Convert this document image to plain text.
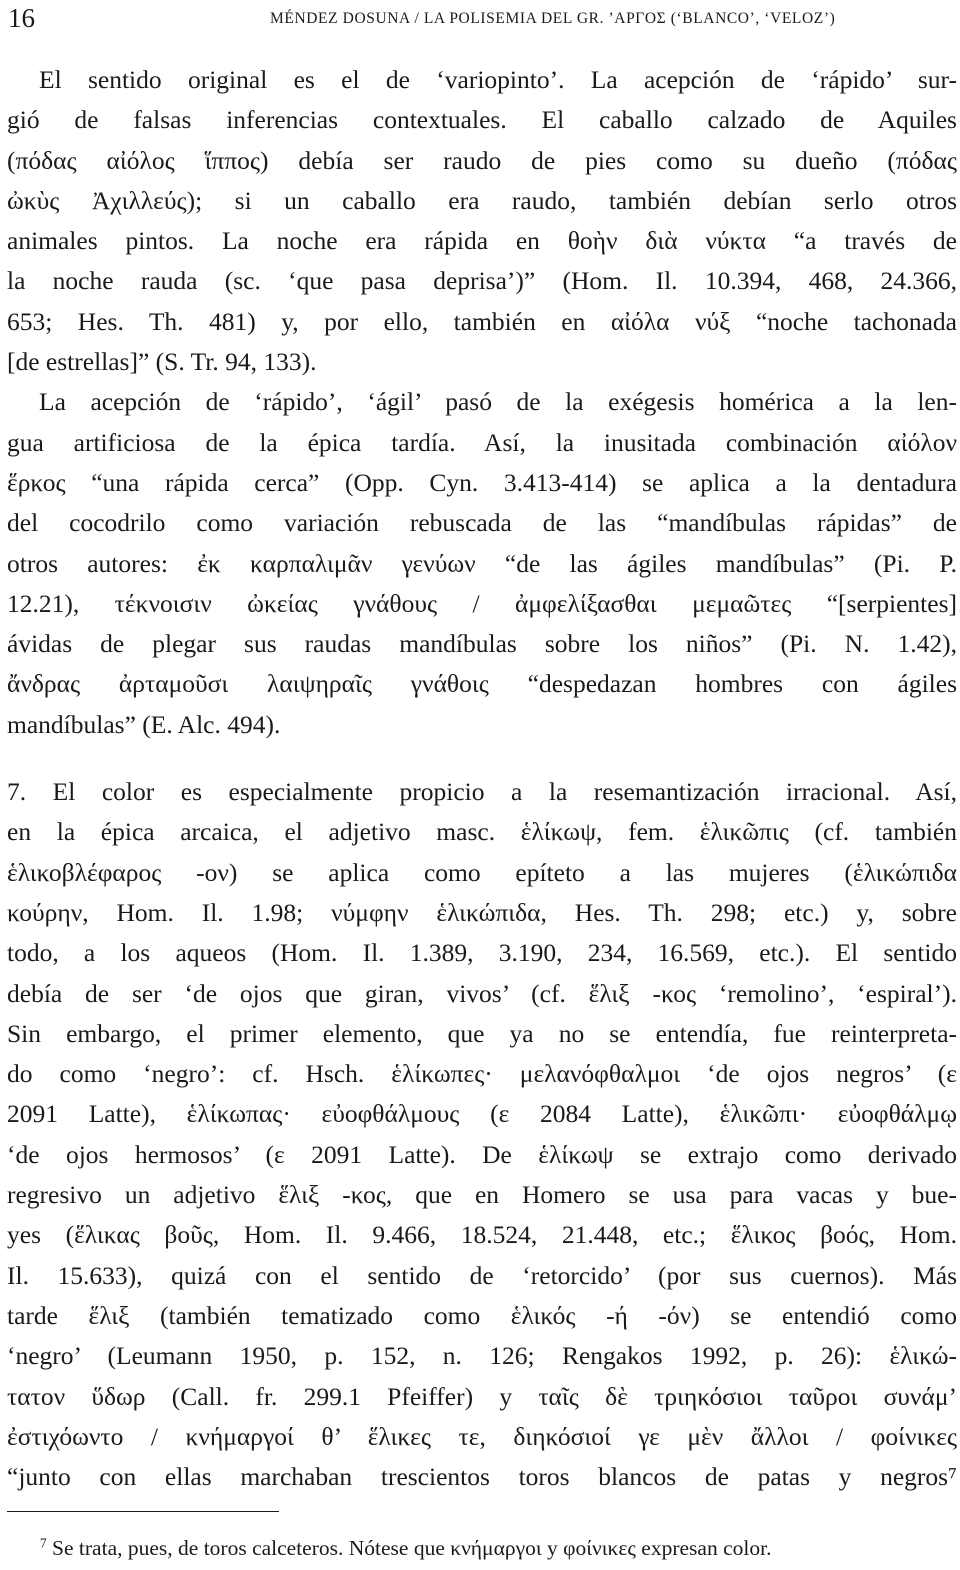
16	MÉNDEZ DOSUNA / LA POLISEMIA DEL GR. ’ΑΡΓΟΣ (‘BLANCO’, ‘VELOZ’)
El sentido original es el de ‘variopinto’. La acepción de ‘rápido’ sur-
gió de falsas inferencias contextuales. El caballo calzado de Aquiles
(πόδας αἰόλος ἵππος) debía ser raudo de pies como su dueño (πόδας
ὠκὺς Ἀχιλλεύς); si un caballo era raudo, también debían serlo otros
animales pintos. La noche era rápida en θοὴν διὰ νύκτα “a través de
la noche rauda (sc. ‘que pasa deprisa’)” (Hom. Il. 10.394, 468, 24.366,
653; Hes. Th. 481) y, por ello, también en αἰόλα νύξ “noche tachonada
[de estrellas]” (S. Tr. 94, 133).
La acepción de ‘rápido’, ‘ágil’ pasó de la exégesis homérica a la len-
gua artificiosa de la épica tardía. Así, la inusitada combinación αἰόλον
ἕρκος “una rápida cerca” (Opp. Cyn. 3.413-414) se aplica a la dentadura
del cocodrilo como variación rebuscada de las “mandíbulas rápidas” de
otros autores: ἐκ καρπαλιμᾶν γενύων “de las ágiles mandíbulas” (Pi. P.
12.21), τέκνοισιν ὠκείας γνάθους / ἀμφελίξασθαι μεμαῶτες “[serpientes]
ávidas de plegar sus raudas mandíbulas sobre los niños” (Pi. N. 1.42),
ἄνδρας ἀρταμοῦσι λαιψηραῖς γνάθοις “despedazan hombres con ágiles
mandíbulas” (E. Alc. 494).
7. El color es especialmente propicio a la resemantización irracional. Así,
en la épica arcaica, el adjetivo masc. ἑλίκωψ, fem. ἑλικῶπις (cf. también
ἑλικοβλέφαρος -ον) se aplica como epíteto a las mujeres (ἑλικώπιδα
κούρην, Hom. Il. 1.98; νύμφην ἑλικώπιδα, Hes. Th. 298; etc.) y, sobre
todo, a los aqueos (Hom. Il. 1.389, 3.190, 234, 16.569, etc.). El sentido
debía de ser ‘de ojos que giran, vivos’ (cf. ἕλιξ -κος ‘remolino’, ‘espiral’).
Sin embargo, el primer elemento, que ya no se entendía, fue reinterpreta-
do como ‘negro’: cf. Hsch. ἑλίκωπες· μελανόφθαλμοι ‘de ojos negros’ (ε
2091 Latte), ἑλίκωπας· εὐοφθάλμους (ε 2084 Latte), ἑλικῶπι· εὐοφθάλμῳ
‘de ojos hermosos’ (ε 2091 Latte). De ἑλίκωψ se extrajo como derivado
regresivo un adjetivo ἕλιξ -κος, que en Homero se usa para vacas y bue-
yes (ἕλικας βοῦς, Hom. Il. 9.466, 18.524, 21.448, etc.; ἕλικος βοός, Hom.
Il. 15.633), quizá con el sentido de ‘retorcido’ (por sus cuernos). Más
tarde ἕλιξ (también tematizado como ἑλικός -ή -όν) se entendió como
‘negro’ (Leumann 1950, p. 152, n. 126; Rengakos 1992, p. 26): ἑλικώ-
τατον ὕδωρ (Call. fr. 299.1 Pfeiffer) y ταῖς δὲ τριηκόσιοι ταῦροι συνάμ’
ἐστιχόωντο / κνήμαργοί θ’ ἕλικες τε, διηκόσιοί γε μὲν ἄλλοι / φοίνικες
“junto con ellas marchaban trescientos toros blancos de patas y negros⁷
$^7$ Se trata, pues, de toros calceteros. Nótese que κνήμαργοι y φοίνικες expresan color.
